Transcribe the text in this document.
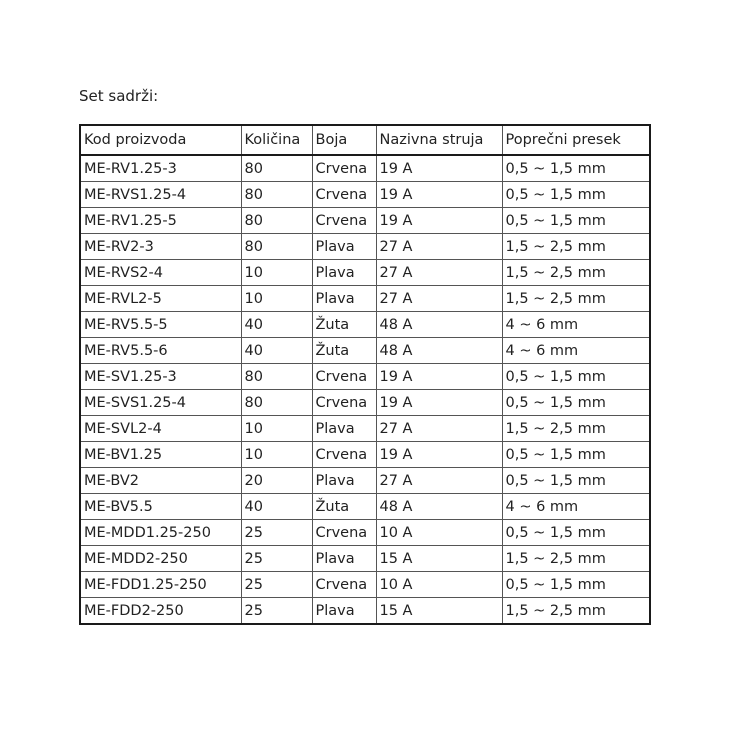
Set sadrži:
Kod proizvoda	Količina	Boja	Nazivna struja	Poprečni presek
ME-RV1.25-3	80	Crvena	19 A	0,5 ~ 1,5 mm
ME-RVS1.25-4	80	Crvena	19 A	0,5 ~ 1,5 mm
ME-RV1.25-5	80	Crvena	19 A	0,5 ~ 1,5 mm
ME-RV2-3	80	Plava	27 A	1,5 ~ 2,5 mm
ME-RVS2-4	10	Plava	27 A	1,5 ~ 2,5 mm
ME-RVL2-5	10	Plava	27 A	1,5 ~ 2,5 mm
ME-RV5.5-5	40	Žuta	48 A	4 ~ 6 mm
ME-RV5.5-6	40	Žuta	48 A	4 ~ 6 mm
ME-SV1.25-3	80	Crvena	19 A	0,5 ~ 1,5 mm
ME-SVS1.25-4	80	Crvena	19 A	0,5 ~ 1,5 mm
ME-SVL2-4	10	Plava	27 A	1,5 ~ 2,5 mm
ME-BV1.25	10	Crvena	19 A	0,5 ~ 1,5 mm
ME-BV2	20	Plava	27 A	0,5 ~ 1,5 mm
ME-BV5.5	40	Žuta	48 A	4 ~ 6 mm
ME-MDD1.25-250	25	Crvena	10 A	0,5 ~ 1,5 mm
ME-MDD2-250	25	Plava	15 A	1,5 ~ 2,5 mm
ME-FDD1.25-250	25	Crvena	10 A	0,5 ~ 1,5 mm
ME-FDD2-250	25	Plava	15 A	1,5 ~ 2,5 mm
